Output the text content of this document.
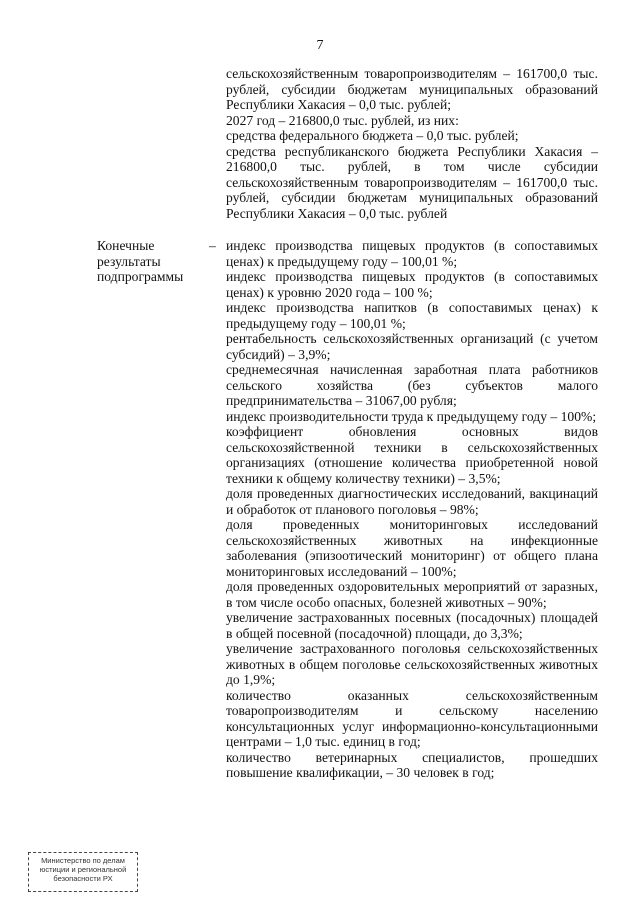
7

сельскохозяйственным товаропроизводителям – 161700,0 тыс. рублей, субсидии бюджетам муниципальных образований Республики Хакасия – 0,0 тыс. рублей;

2027 год – 216800,0 тыс. рублей, из них:

средства федерального бюджета – 0,0 тыс. рублей;

средства республиканского бюджета Республики Хакасия – 216800,0 тыс. рублей, в том числе субсидии сельскохозяйственным товаропроизводителям – 161700,0 тыс. рублей, субсидии бюджетам муниципальных образований Республики Хакасия – 0,0 тыс. рублей

Конечные результаты подпрограммы
– индекс производства пищевых продуктов (в сопоставимых ценах) к предыдущему году – 100,01 %;

индекс производства пищевых продуктов (в сопоставимых ценах) к уровню 2020 года – 100 %;

индекс производства напитков (в сопоставимых ценах) к предыдущему году – 100,01 %;

рентабельность сельскохозяйственных организаций (с учетом субсидий) – 3,9%;

среднемесячная начисленная заработная плата работников сельского хозяйства (без субъектов малого предпринимательства – 31067,00 рубля;

индекс производительности труда к предыдущему году – 100%;

коэффициент обновления основных видов сельскохозяйственной техники в сельскохозяйственных организациях (отношение количества приобретенной новой техники к общему количеству техники) – 3,5%;

доля проведенных диагностических исследований, вакцинаций и обработок от планового поголовья – 98%;

доля проведенных мониторинговых исследований сельскохозяйственных животных на инфекционные заболевания (эпизоотический мониторинг) от общего плана мониторинговых исследований – 100%;

доля проведенных оздоровительных мероприятий от заразных, в том числе особо опасных, болезней животных – 90%;

увеличение застрахованных посевных (посадочных) площадей в общей посевной (посадочной) площади, до 3,3%;

увеличение застрахованного поголовья сельскохозяйственных животных в общем поголовье сельскохозяйственных животных до 1,9%;

количество оказанных сельскохозяйственным товаропроизводителям и сельскому населению консультационных услуг информационно-консультационными центрами – 1,0 тыс. единиц в год;

количество ветеринарных специалистов, прошедших повышение квалификации, – 30 человек в год;

Министерство по делам
юстиции и региональной
безопасности РХ
